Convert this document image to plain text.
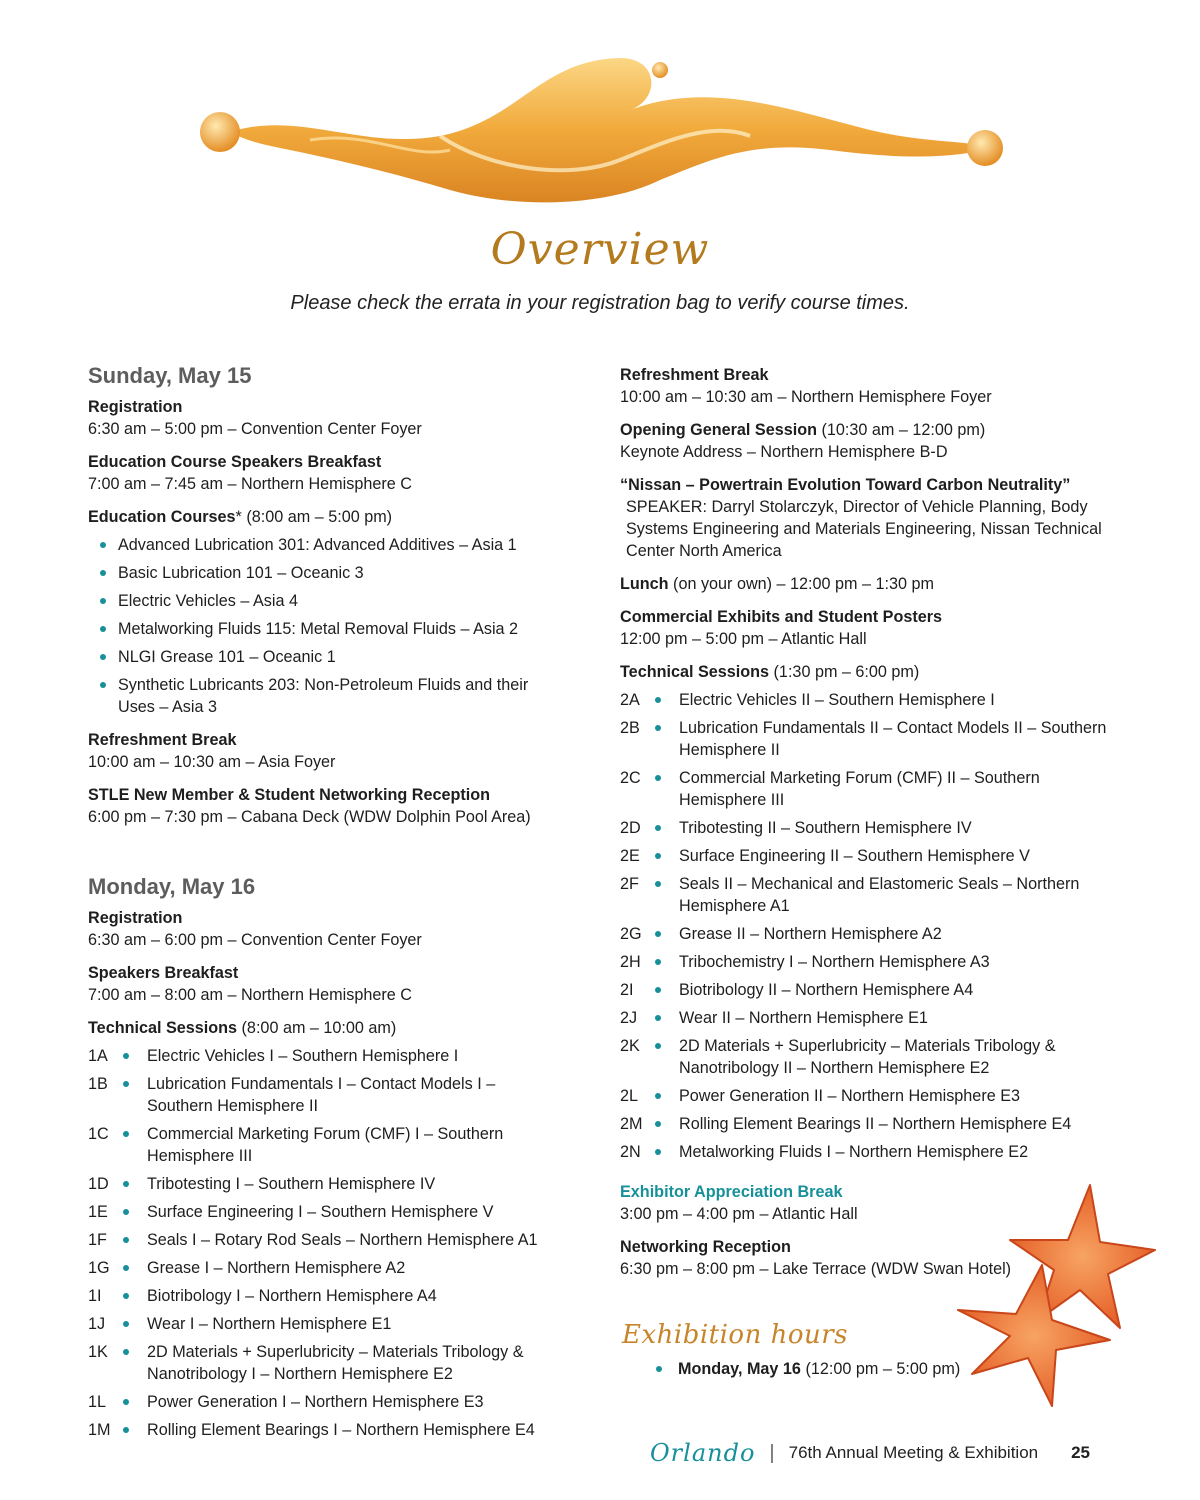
Overview
Please check the errata in your registration bag to verify course times.
Sunday, May 15
Registration
6:30 am – 5:00 pm – Convention Center Foyer
Education Course Speakers Breakfast
7:00 am – 7:45 am – Northern Hemisphere C
Education Courses* (8:00 am – 5:00 pm)
Advanced Lubrication 301: Advanced Additives – Asia 1
Basic Lubrication 101 – Oceanic 3
Electric Vehicles – Asia 4
Metalworking Fluids 115: Metal Removal Fluids – Asia 2
NLGI Grease 101 – Oceanic 1
Synthetic Lubricants 203: Non-Petroleum Fluids and their Uses – Asia 3
Refreshment Break
10:00 am – 10:30 am – Asia Foyer
STLE New Member & Student Networking Reception
6:00 pm – 7:30 pm – Cabana Deck (WDW Dolphin Pool Area)
Monday, May 16
Registration
6:30 am – 6:00 pm – Convention Center Foyer
Speakers Breakfast
7:00 am – 8:00 am – Northern Hemisphere C
Technical Sessions (8:00 am – 10:00 am)
1A	Electric Vehicles I – Southern Hemisphere I
1B	Lubrication Fundamentals I – Contact Models I – Southern Hemisphere II
1C	Commercial Marketing Forum (CMF) I – Southern Hemisphere III
1D	Tribotesting I – Southern Hemisphere IV
1E	Surface Engineering I – Southern Hemisphere V
1F	Seals I – Rotary Rod Seals – Northern Hemisphere A1
1G	Grease I – Northern Hemisphere A2
1I	Biotribology I – Northern Hemisphere A4
1J	Wear I – Northern Hemisphere E1
1K	2D Materials + Superlubricity – Materials Tribology & Nanotribology I – Northern Hemisphere E2
1L	Power Generation I – Northern Hemisphere E3
1M	Rolling Element Bearings I – Northern Hemisphere E4
Refreshment Break
10:00 am – 10:30 am – Northern Hemisphere Foyer
Opening General Session (10:30 am – 12:00 pm)
Keynote Address – Northern Hemisphere B-D
“Nissan – Powertrain Evolution Toward Carbon Neutrality”
SPEAKER: Darryl Stolarczyk, Director of Vehicle Planning, Body Systems Engineering and Materials Engineering, Nissan Technical Center North America
Lunch (on your own) – 12:00 pm – 1:30 pm
Commercial Exhibits and Student Posters
12:00 pm – 5:00 pm – Atlantic Hall
Technical Sessions (1:30 pm – 6:00 pm)
2A	Electric Vehicles II – Southern Hemisphere I
2B	Lubrication Fundamentals II – Contact Models II – Southern Hemisphere II
2C	Commercial Marketing Forum (CMF) II – Southern Hemisphere III
2D	Tribotesting II – Southern Hemisphere IV
2E	Surface Engineering II – Southern Hemisphere V
2F	Seals II – Mechanical and Elastomeric Seals – Northern Hemisphere A1
2G	Grease II – Northern Hemisphere A2
2H	Tribochemistry I – Northern Hemisphere A3
2I	Biotribology II – Northern Hemisphere A4
2J	Wear II – Northern Hemisphere E1
2K	2D Materials + Superlubricity – Materials Tribology & Nanotribology II – Northern Hemisphere E2
2L	Power Generation II – Northern Hemisphere E3
2M	Rolling Element Bearings II – Northern Hemisphere E4
2N	Metalworking Fluids I – Northern Hemisphere E2
Exhibitor Appreciation Break
3:00 pm – 4:00 pm – Atlantic Hall
Networking Reception
6:30 pm – 8:00 pm – Lake Terrace (WDW Swan Hotel)
Exhibition hours
Monday, May 16 (12:00 pm – 5:00 pm)
Orlando | 76th Annual Meeting & Exhibition 25
